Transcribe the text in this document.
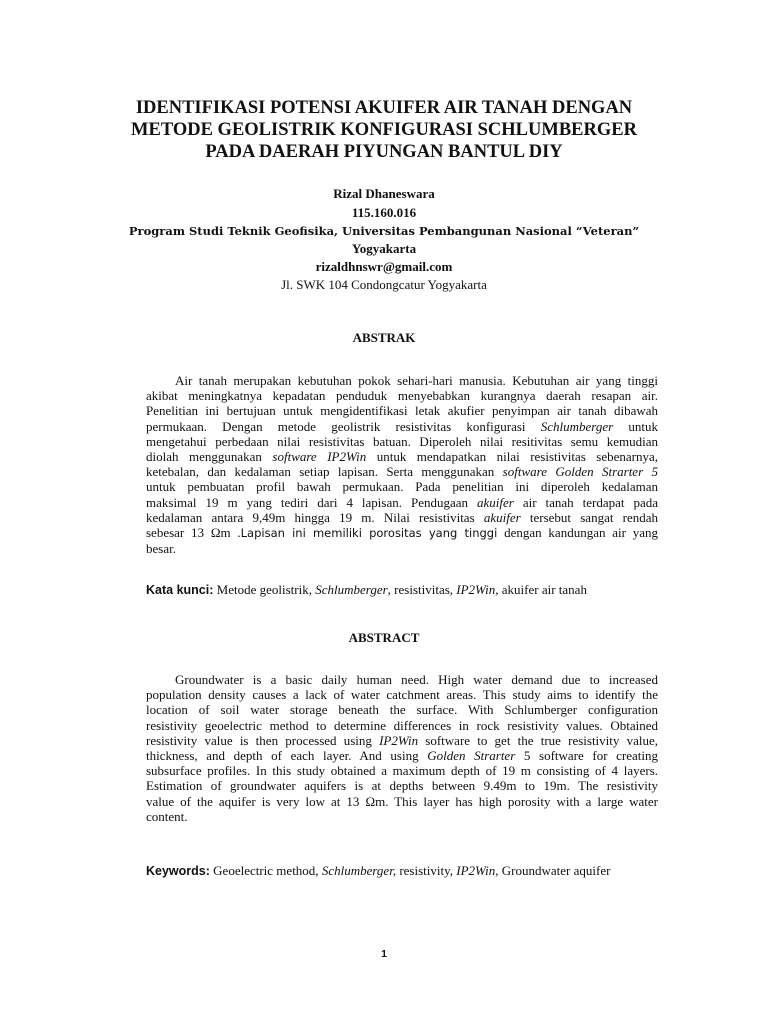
IDENTIFIKASI POTENSI AKUIFER AIR TANAH DENGAN
METODE GEOLISTRIK KONFIGURASI SCHLUMBERGER
PADA DAERAH PIYUNGAN BANTUL DIY
Rizal Dhaneswara
115.160.016
Program Studi Teknik Geofisika, Universitas Pembangunan Nasional “Veteran”
Yogyakarta
rizaldhnswr@gmail.com
Jl. SWK 104 Condongcatur Yogyakarta
ABSTRAK
Air tanah merupakan kebutuhan pokok sehari-hari manusia. Kebutuhan air yang tinggi
akibat meningkatnya kepadatan penduduk menyebabkan kurangnya daerah resapan air.
Penelitian ini bertujuan untuk mengidentifikasi letak akufier penyimpan air tanah dibawah
permukaan. Dengan metode geolistrik resistivitas konfigurasi Schlumberger untuk
mengetahui perbedaan nilai resistivitas batuan. Diperoleh nilai resitivitas semu kemudian
diolah menggunakan software IP2Win untuk mendapatkan nilai resistivitas sebenarnya,
ketebalan, dan kedalaman setiap lapisan. Serta menggunakan software Golden Strarter 5
untuk pembuatan profil bawah permukaan. Pada penelitian ini diperoleh kedalaman
maksimal 19 m yang tediri dari 4 lapisan. Pendugaan akuifer air tanah terdapat pada
kedalaman antara 9,49m hingga 19 m. Nilai resistivitas akuifer tersebut sangat rendah
sebesar 13 Ωm .Lapisan ini memiliki porositas yang tinggi dengan kandungan air yang
besar.
Kata kunci: Metode geolistrik, Schlumberger, resistivitas, IP2Win, akuifer air tanah
ABSTRACT
Groundwater is a basic daily human need. High water demand due to increased
population density causes a lack of water catchment areas. This study aims to identify the
location of soil water storage beneath the surface. With Schlumberger configuration
resistivity geoelectric method to determine differences in rock resistivity values. Obtained
resistivity value is then processed using IP2Win software to get the true resistivity value,
thickness, and depth of each layer. And using Golden Strarter 5 software for creating
subsurface profiles. In this study obtained a maximum depth of 19 m consisting of 4 layers.
Estimation of groundwater aquifers is at depths between 9.49m to 19m. The resistivity
value of the aquifer is very low at 13 Ωm. This layer has high porosity with a large water
content.
Keywords: Geoelectric method, Schlumberger, resistivity, IP2Win, Groundwater aquifer
1
